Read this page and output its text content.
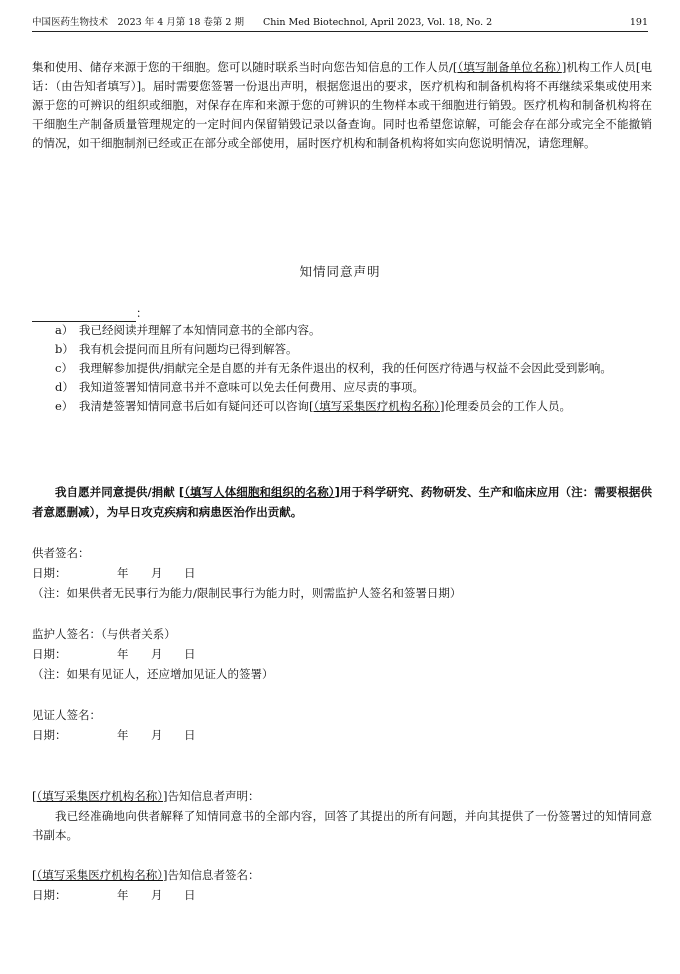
中国医药生物技术　2023 年 4 月第 18 卷第 2 期　　Chin Med Biotechnol, April 2023, Vol. 18, No. 2	191

集和使用、储存来源于您的干细胞。您可以随时联系当时向您告知信息的工作人员/[（填写制备单位名称）]机构工作人员[电话：（由告知者填写）]。届时需要您签署一份退出声明，根据您退出的要求，医疗机构和制备机构将不再继续采集或使用来源于您的可辨识的组织或细胞，对保存在库和来源于您的可辨识的生物样本或干细胞进行销毁。医疗机构和制备机构将在干细胞生产制备质量管理规定的一定时间内保留销毁记录以备查询。同时也希望您谅解，可能会存在部分或完全不能撤销的情况，如干细胞制剂已经或正在部分或全部使用，届时医疗机构和制备机构将如实向您说明情况，请您理解。

知情同意声明
：
a） 我已经阅读并理解了本知情同意书的全部内容。
b） 我有机会提问而且所有问题均已得到解答。
c） 我理解参加提供/捐献完全是自愿的并有无条件退出的权利，我的任何医疗待遇与权益不会因此受到影响。
d） 我知道签署知情同意书并不意味可以免去任何费用、应尽责的事项。
e） 我清楚签署知情同意书后如有疑问还可以咨询[（填写采集医疗机构名称）]伦理委员会的工作人员。

我自愿并同意提供/捐献 [（填写人体细胞和组织的名称）]用于科学研究、药物研发、生产和临床应用（注：需要根据供者意愿删减），为早日攻克疾病和病患医治作出贡献。

供者签名：
日期：	年 月 日
（注：如果供者无民事行为能力/限制民事行为能力时，则需监护人签名和签署日期）
监护人签名：（与供者关系）
日期：	年 月 日
（注：如果有见证人，还应增加见证人的签署）
见证人签名：
日期：	年 月 日
[（填写采集医疗机构名称）]告知信息者声明：

我已经准确地向供者解释了知情同意书的全部内容，回答了其提出的所有问题，并向其提供了一份签署过的知情同意书副本。

[（填写采集医疗机构名称）]告知信息者签名：
日期：	年 月 日
